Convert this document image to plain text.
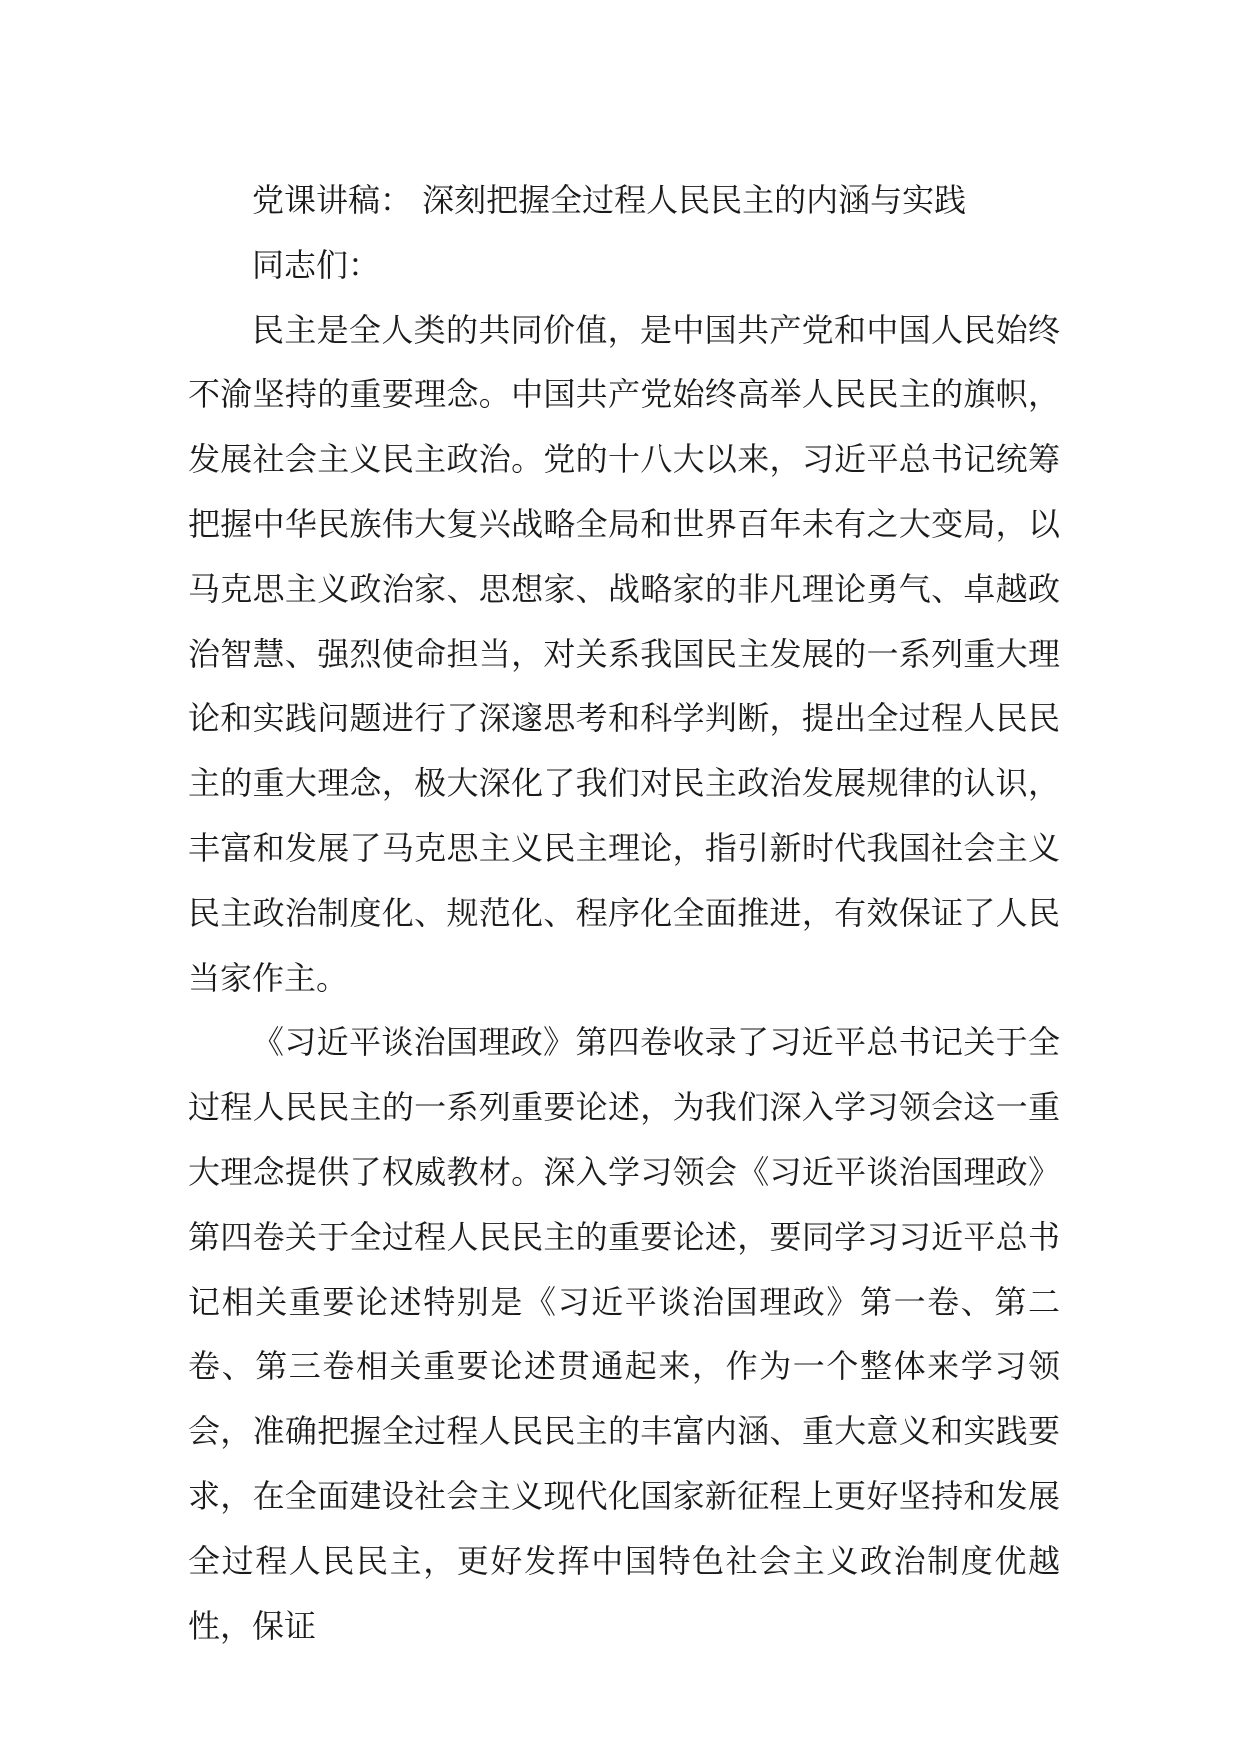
党课讲稿： 深刻把握全过程人民民主的内涵与实践

同志们：

民主是全人类的共同价值，是中国共产党和中国人民始终不渝坚持的重要理念。中国共产党始终高举人民民主的旗帜，发展社会主义民主政治。党的十八大以来，习近平总书记统筹把握中华民族伟大复兴战略全局和世界百年未有之大变局，以马克思主义政治家、思想家、战略家的非凡理论勇气、卓越政治智慧、强烈使命担当，对关系我国民主发展的一系列重大理论和实践问题进行了深邃思考和科学判断，提出全过程人民民主的重大理念，极大深化了我们对民主政治发展规律的认识，丰富和发展了马克思主义民主理论，指引新时代我国社会主义民主政治制度化、规范化、程序化全面推进，有效保证了人民当家作主。

《习近平谈治国理政》第四卷收录了习近平总书记关于全过程人民民主的一系列重要论述，为我们深入学习领会这一重大理念提供了权威教材。深入学习领会《习近平谈治国理政》第四卷关于全过程人民民主的重要论述，要同学习习近平总书记相关重要论述特别是《习近平谈治国理政》第一卷、第二卷、第三卷相关重要论述贯通起来，作为一个整体来学习领会，准确把握全过程人民民主的丰富内涵、重大意义和实践要求，在全面建设社会主义现代化国家新征程上更好坚持和发展全过程人民民主，更好发挥中国特色社会主义政治制度优越性，保证
